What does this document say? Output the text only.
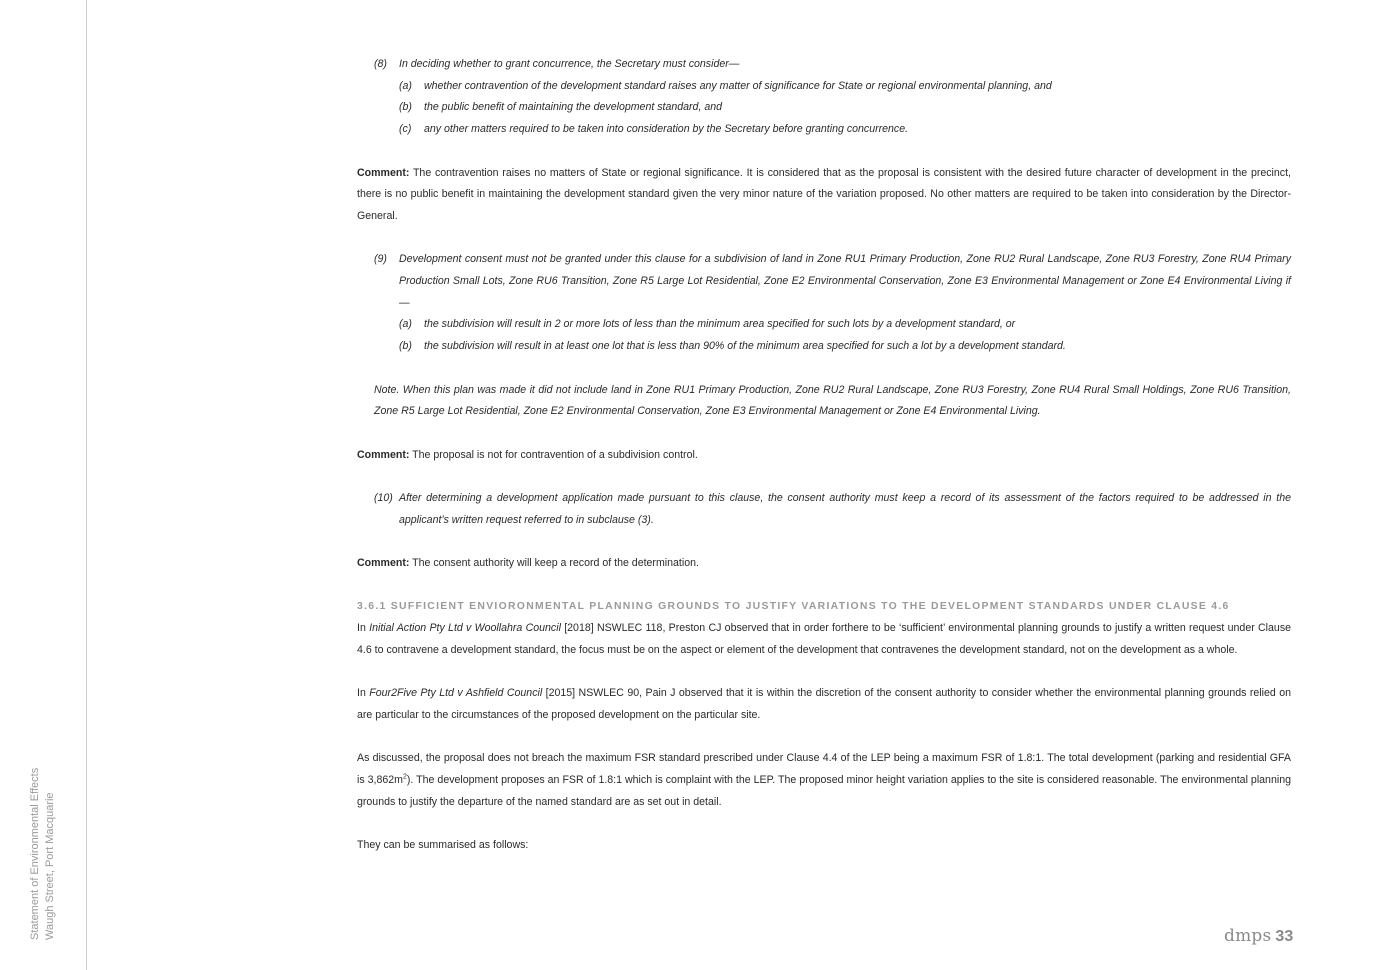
Statement of Environmental Effects Waugh Street, Port Macquarie
(8)	In deciding whether to grant concurrence, the Secretary must consider—
(a)	whether contravention of the development standard raises any matter of significance for State or regional environmental planning, and
(b)	the public benefit of maintaining the development standard, and
(c)	any other matters required to be taken into consideration by the Secretary before granting concurrence.

Comment: The contravention raises no matters of State or regional significance. It is considered that as the proposal is consistent with the desired future character of development in the precinct, there is no public benefit in maintaining the development standard given the very minor nature of the variation proposed. No other matters are required to be taken into consideration by the Director-General.

(9)	Development consent must not be granted under this clause for a subdivision of land in Zone RU1 Primary Production, Zone RU2 Rural Landscape, Zone RU3 Forestry, Zone RU4 Primary Production Small Lots, Zone RU6 Transition, Zone R5 Large Lot Residential, Zone E2 Environmental Conservation, Zone E3 Environmental Management or Zone E4 Environmental Living if—
(a)	the subdivision will result in 2 or more lots of less than the minimum area specified for such lots by a development standard, or
(b)	the subdivision will result in at least one lot that is less than 90% of the minimum area specified for such a lot by a development standard.

Note. When this plan was made it did not include land in Zone RU1 Primary Production, Zone RU2 Rural Landscape, Zone RU3 Forestry, Zone RU4 Rural Small Holdings, Zone RU6 Transition, Zone R5 Large Lot Residential, Zone E2 Environmental Conservation, Zone E3 Environmental Management or Zone E4 Environmental Living.

Comment: The proposal is not for contravention of a subdivision control.

(10) After determining a development application made pursuant to this clause, the consent authority must keep a record of its assessment of the factors required to be addressed in the applicant’s written request referred to in subclause (3).

Comment: The consent authority will keep a record of the determination.

3.6.1 SUFFICIENT ENVIORONMENTAL PLANNING GROUNDS TO JUSTIFY VARIATIONS TO THE DEVELOPMENT STANDARDS UNDER CLAUSE 4.6

In Initial Action Pty Ltd v Woollahra Council [2018] NSWLEC 118, Preston CJ observed that in order forthere to be ‘sufficient’ environmental planning grounds to justify a written request under Clause 4.6 to contravene a development standard, the focus must be on the aspect or element of the development that contravenes the development standard, not on the development as a whole.

In Four2Five Pty Ltd v Ashfield Council [2015] NSWLEC 90, Pain J observed that it is within the discretion of the consent authority to consider whether the environmental planning grounds relied on are particular to the circumstances of the proposed development on the particular site.

As discussed, the proposal does not breach the maximum FSR standard prescribed under Clause 4.4 of the LEP being a maximum FSR of 1.8:1. The total development (parking and residential GFA is $3,862m^2$). The development proposes an FSR of 1.8:1 which is complaint with the LEP. The proposed minor height variation applies to the site is considered reasonable. The environmental planning grounds to justify the departure of the named standard are as set out in detail.

They can be summarised as follows:

dmps 33
